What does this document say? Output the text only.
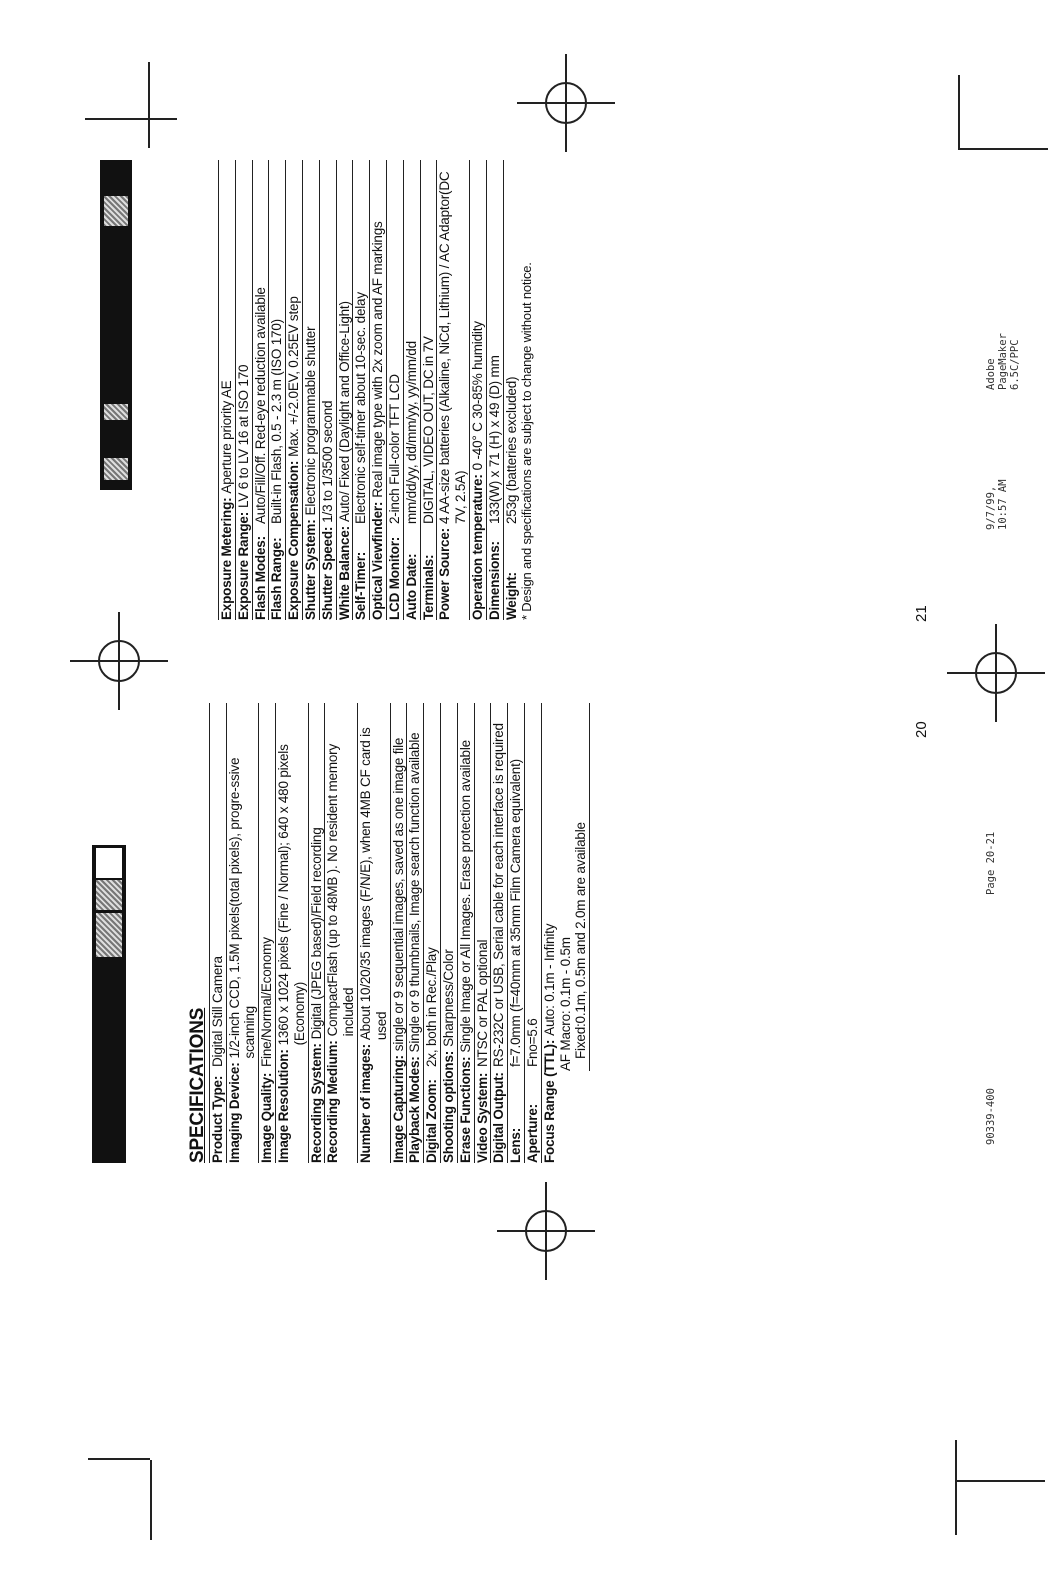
SPECIFICATIONS Product Type:
Digital Still Camera
Imaging Device:
1/2-inch CCD, 1.5M pixels(total pixels), progre-ssive scanning
Image Quality:
Fine/Normal/Economy
Image Resolution:
1360 x 1024 pixels (Fine / Normal); 640 x 480 pixels (Economy)
Recording System:
Digital (JPEG based)/Field recording
Recording Medium:
CompactFlash (up to 48MB ). No resident memory included
Number of images:
About 10/20/35 images (F/N/E), when 4MB CF card is used
Image Capturing:
single or 9 sequential images, saved as one image file
Playback Modes:
Single or 9 thumbnails, Image search function available
Digital Zoom:
2x, both in Rec./Play
Shooting options:
Sharpness/Color
Erase Functions:
Single Image or All Images. Erase protection available
Video System:
NTSC or PAL optional
Digital Output:
RS-232C or USB, Serial cable for each interface is required
Lens:
f=7.0mm (f=40mm at 35mm Film Camera equivalent)
Aperture:
Fno=5.6 Focus Range (TTL):
Auto: 0.1m - Infinity AF Macro: 0.1m - 0.5m Fixed:0.1m, 0.5m and 2.0m are available
Exposure Metering:
Aperture priority AE
Exposure Range:
LV 6 to LV 16 at ISO 170
Flash Modes:
Auto/Fill/Off. Red-eye reduction available
Flash Range:
Built-in Flash, 0.5 - 2.3 m (ISO 170)
Exposure Compensation:
Max. +/-2.0EV, 0.25EV step
Shutter System:
Electronic programmable shutter
Shutter Speed:
1/3 to 1/3500 second
White Balance:
Auto/ Fixed (Daylight and Office-Light)
Self-Timer:
Electronic self-timer about 10-sec. delay
Optical Viewfinder:
Real image type with 2x zoom and AF markings
LCD Monitor:
2-inch Full-color TFT LCD
Auto Date:
mm/dd/yy, dd/mm/yy, yy/mm/dd
Terminals:
DIGITAL, VIDEO OUT, DC in 7V
Power Source:
4 AA-size batteries (Alkaline, NiCd, Lithium) / AC Adaptor(DC 7V, 2.5A) Operation temperature:
0 -40° C 30-85% humidity
Dimensions:
133(W) x 71 (H) x 49 (D) mm
Weight:
253g (batteries excluded) * Design and specifications are subject to change without notice.
20
21
90339-400
Page 20-21
9/7/99, 10:57 AM
Adobe PageMaker 6.5C/PPC
